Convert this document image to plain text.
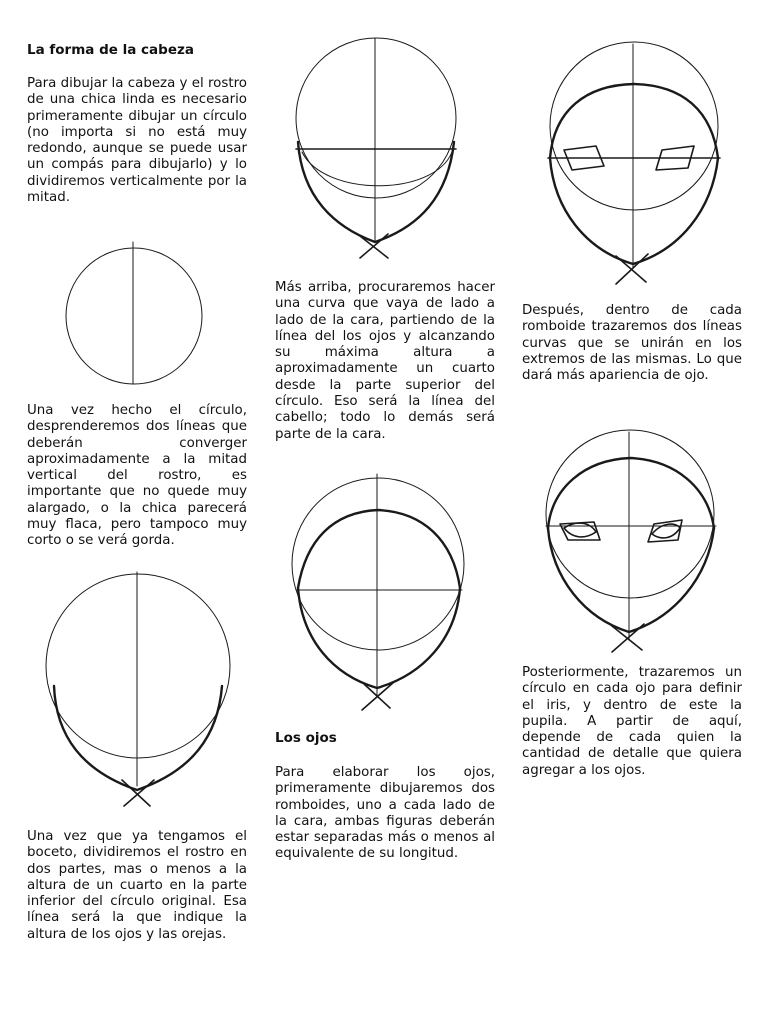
La forma de la cabeza

Para dibujar la cabeza y el rostro de una chica linda es necesario primeramente dibujar un círculo (no importa si no está muy redondo, aunque se puede usar un compás para dibujarlo) y lo dividiremos verticalmente por la mitad.

Una vez hecho el círculo, desprenderemos dos líneas que deberán converger aproximadamente a la mitad vertical del rostro, es importante que no quede muy alargado, o la chica parecerá muy flaca, pero tampoco muy corto o se verá gorda.

Una vez que ya tengamos el boceto, dividiremos el rostro en dos partes, mas o menos a la altura de un cuarto en la parte inferior del círculo original. Esa línea será la que indique la altura de los ojos y las orejas.

Más arriba, procuraremos hacer una curva que vaya de lado a lado de la cara, partiendo de la línea del los ojos y alcanzando su máxima altura a aproximadamente un cuarto desde la parte superior del círculo. Eso será la línea del cabello; todo lo demás será parte de la cara.

Los ojos

Para elaborar los ojos, primeramente dibujaremos dos romboides, uno a cada lado de la cara, ambas figuras deberán estar separadas más o menos al equivalente de su longitud.

Después, dentro de cada romboide trazaremos dos líneas curvas que se unirán en los extremos de las mismas. Lo que dará más apariencia de ojo.

Posteriormente, trazaremos un círculo en cada ojo para definir el iris, y dentro de este la pupila. A partir de aquí, depende de cada quien la cantidad de detalle que quiera agregar a los ojos.
